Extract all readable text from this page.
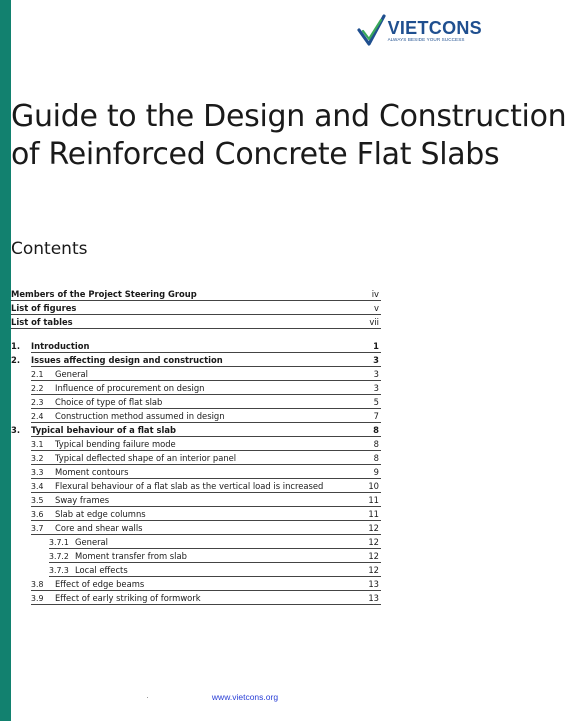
VIETCONS
ALWAYS BESIDE YOUR SUCCESS
Guide to the Design and Construction
of Reinforced Concrete Flat Slabs
Contents
Members of the Project Steering Group	iv
List of figures	v
List of tables	vii
1.	Introduction	1
2.	Issues affecting design and construction	3
2.1	General	3
2.2	Influence of procurement on design	3
2.3	Choice of type of flat slab	5
2.4	Construction method assumed in design	7
3.	Typical behaviour of a flat slab	8
3.1	Typical bending failure mode	8
3.2	Typical deflected shape of an interior panel	8
3.3	Moment contours	9
3.4	Flexural behaviour of a flat slab as the vertical load is increased	10
3.5	Sway frames	11
3.6	Slab at edge columns	11
3.7	Core and shear walls	12
3.7.1 General	12
3.7.2 Moment transfer from slab	12
3.7.3 Local effects	12
3.8	Effect of edge beams	13
3.9	Effect of early striking of formwork	13
www.vietcons.org
